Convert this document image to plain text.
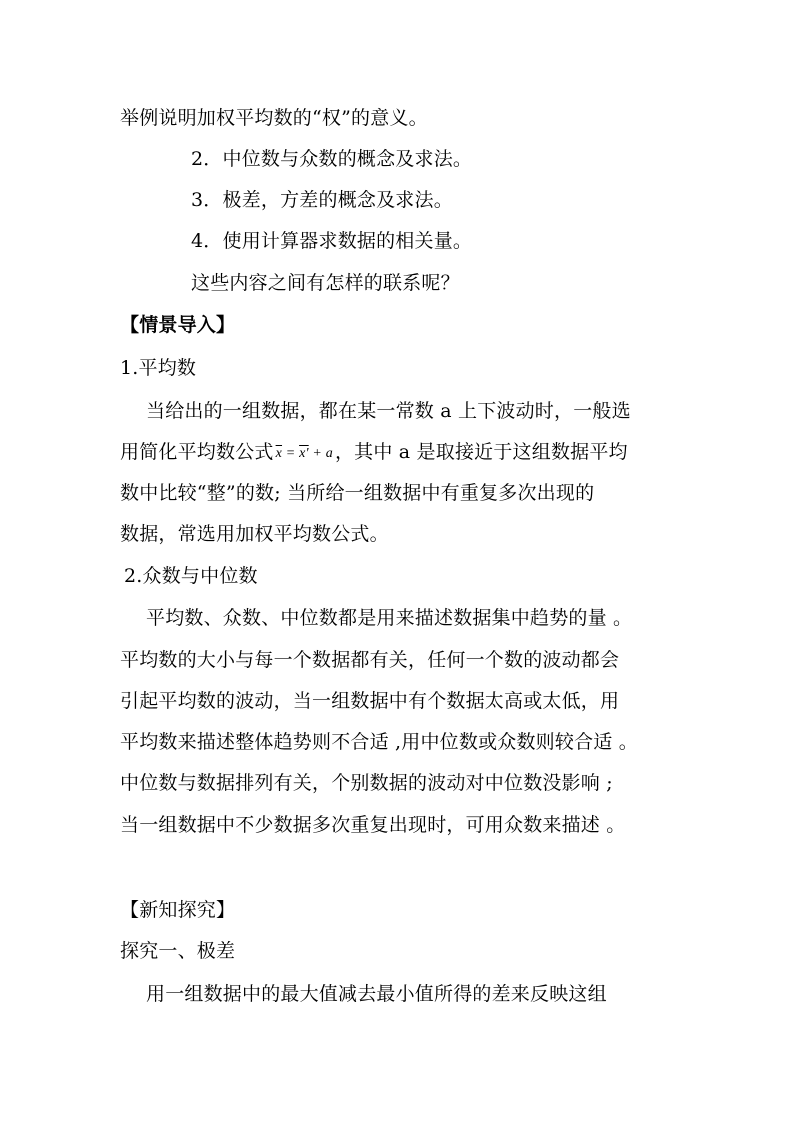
举例说明加权平均数的“权”的意义。
2．中位数与众数的概念及求法。
3．极差，方差的概念及求法。
4．使用计算器求数据的相关量。
这些内容之间有怎样的联系呢？
【情景导入】
1.平均数
当给出的一组数据，都在某一常数 a 上下波动时，一般选
用简化平均数公式 $\overline{x} = x' + a$ ，其中 a 是取接近于这组数据平均
数中比较“整”的数; 当所给一组数据中有重复多次出现的
数据，常选用加权平均数公式。
2.众数与中位数
平均数、众数、中位数都是用来描述数据集中趋势的量 。
平均数的大小与每一个数据都有关，任何一个数的波动都会
引起平均数的波动，当一组数据中有个数据太高或太低，用
平均数来描述整体趋势则不合适 ,用中位数或众数则较合适 。
中位数与数据排列有关，个别数据的波动对中位数没影响 ;
当一组数据中不少数据多次重复出现时，可用众数来描述 。
【新知探究】
探究一、极差
用一组数据中的最大值减去最小值所得的差来反映这组
